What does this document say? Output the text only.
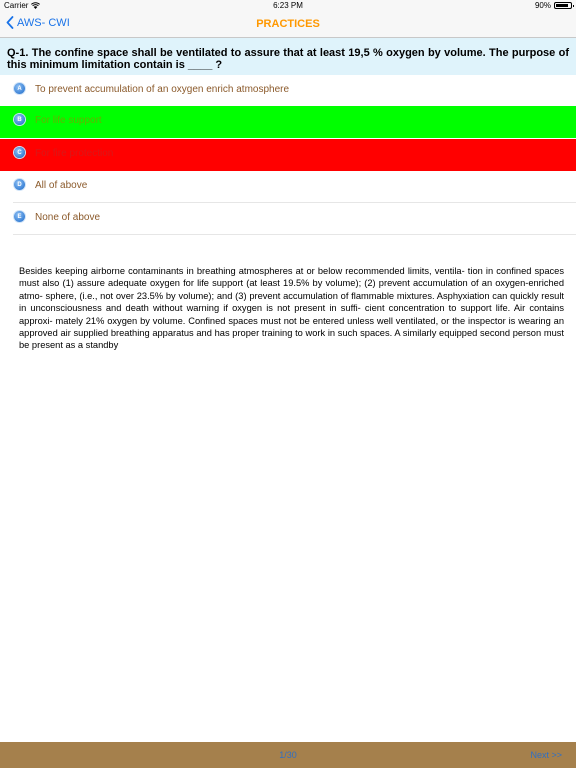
Carrier	6:23 PM	90%
AWS- CWI	PRACTICES
Q-1. The confine space shall be ventilated to assure that at least 19,5 % oxygen by volume. The purpose of this minimum limitation contain is ____ ?
A	To prevent accumulation of an oxygen enrich atmosphere
B	For life support
C	For fire protection
D	All of above
E	None of above
Besides keeping airborne contaminants in breathing atmospheres at or below recommended limits, ventila- tion in confined spaces must also (1) assure adequate oxygen for life support (at least 19.5% by volume); (2) prevent accumulation of an oxygen-enriched atmo- sphere, (i.e., not over 23.5% by volume); and (3) prevent accumulation of flammable mixtures. Asphyxiation can quickly result in unconsciousness and death without warning if oxygen is not present in suffi- cient concentration to support life. Air contains approxi- mately 21% oxygen by volume. Confined spaces must not be entered unless well ventilated, or the inspector is wearing an approved air supplied breathing apparatus and has proper training to work in such spaces. A similarly equipped second person must be present as a standby
1/30	Next >>
